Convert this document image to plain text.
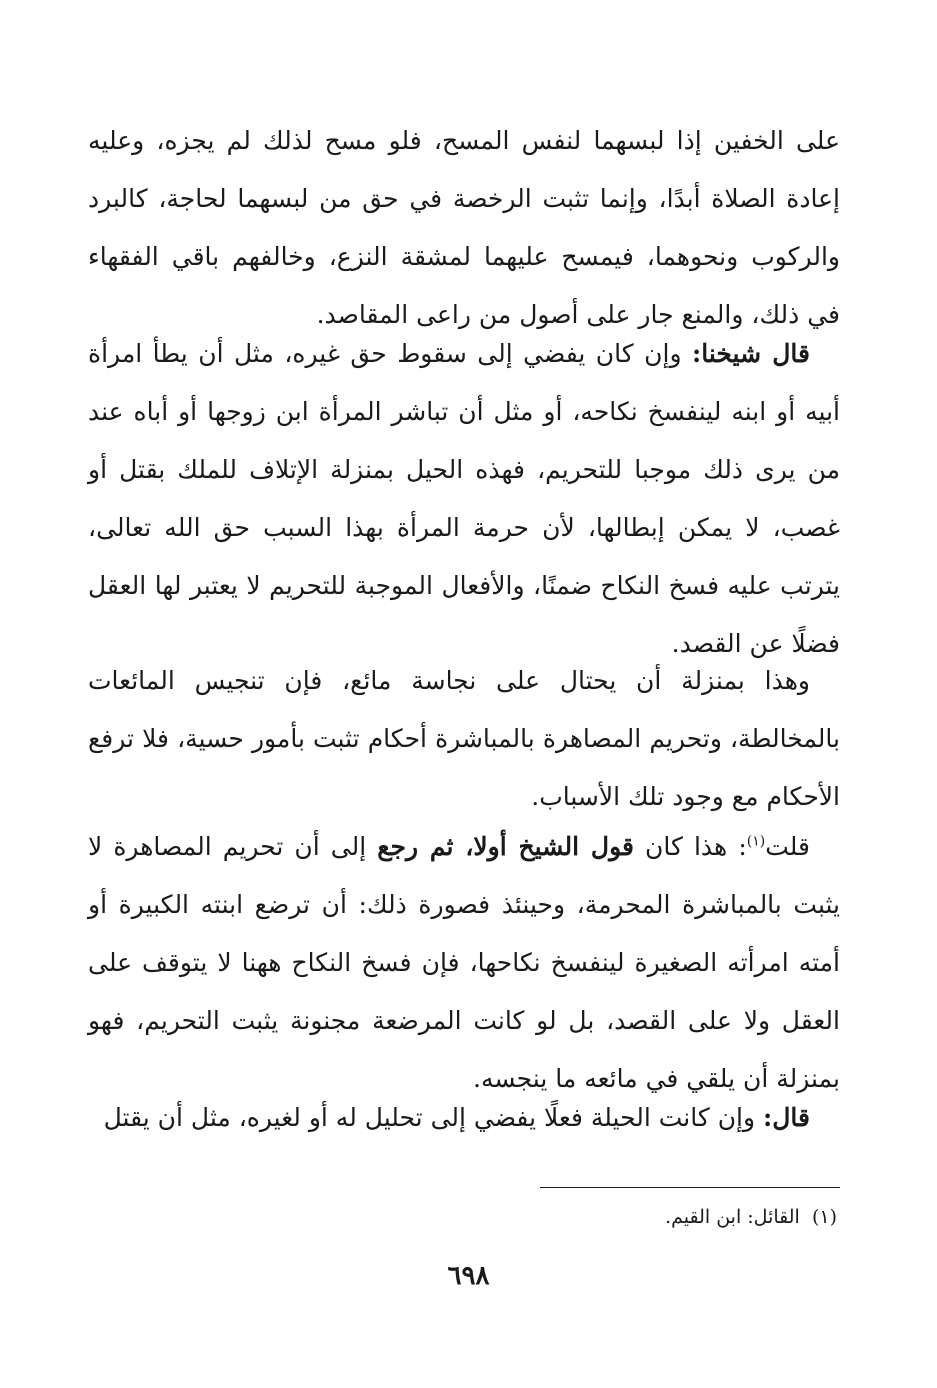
على الخفين إذا لبسهما لنفس المسح، فلو مسح لذلك لم يجزه، وعليه إعادة الصلاة أبدًا، وإنما تثبت الرخصة في حق من لبسهما لحاجة، كالبرد والركوب ونحوهما، فيمسح عليهما لمشقة النزع، وخالفهم باقي الفقهاء في ذلك، والمنع جار على أصول من راعى المقاصد.

قال شيخنا: وإن كان يفضي إلى سقوط حق غيره، مثل أن يطأ امرأة أبيه أو ابنه لينفسخ نكاحه، أو مثل أن تباشر المرأة ابن زوجها أو أباه عند من يرى ذلك موجبا للتحريم، فهذه الحيل بمنزلة الإتلاف للملك بقتل أو غصب، لا يمكن إبطالها، لأن حرمة المرأة بهذا السبب حق الله تعالى، يترتب عليه فسخ النكاح ضمنًا، والأفعال الموجبة للتحريم لا يعتبر لها العقل فضلًا عن القصد.

وهذا بمنزلة أن يحتال على نجاسة مائع، فإن تنجيس المائعات بالمخالطة، وتحريم المصاهرة بالمباشرة أحكام تثبت بأمور حسية، فلا ترفع الأحكام مع وجود تلك الأسباب.

قلت$^{(١)}$: هذا كان قول الشيخ أولا، ثم رجع إلى أن تحريم المصاهرة لا يثبت بالمباشرة المحرمة، وحينئذ فصورة ذلك: أن ترضع ابنته الكبيرة أو أمته امرأته الصغيرة لينفسخ نكاحها، فإن فسخ النكاح ههنا لا يتوقف على العقل ولا على القصد، بل لو كانت المرضعة مجنونة يثبت التحريم، فهو بمنزلة أن يلقي في مائعه ما ينجسه.

قال: وإن كانت الحيلة فعلًا يفضي إلى تحليل له أو لغيره، مثل أن يقتل

(١)  القائل: ابن القيم.
٦٩٨
